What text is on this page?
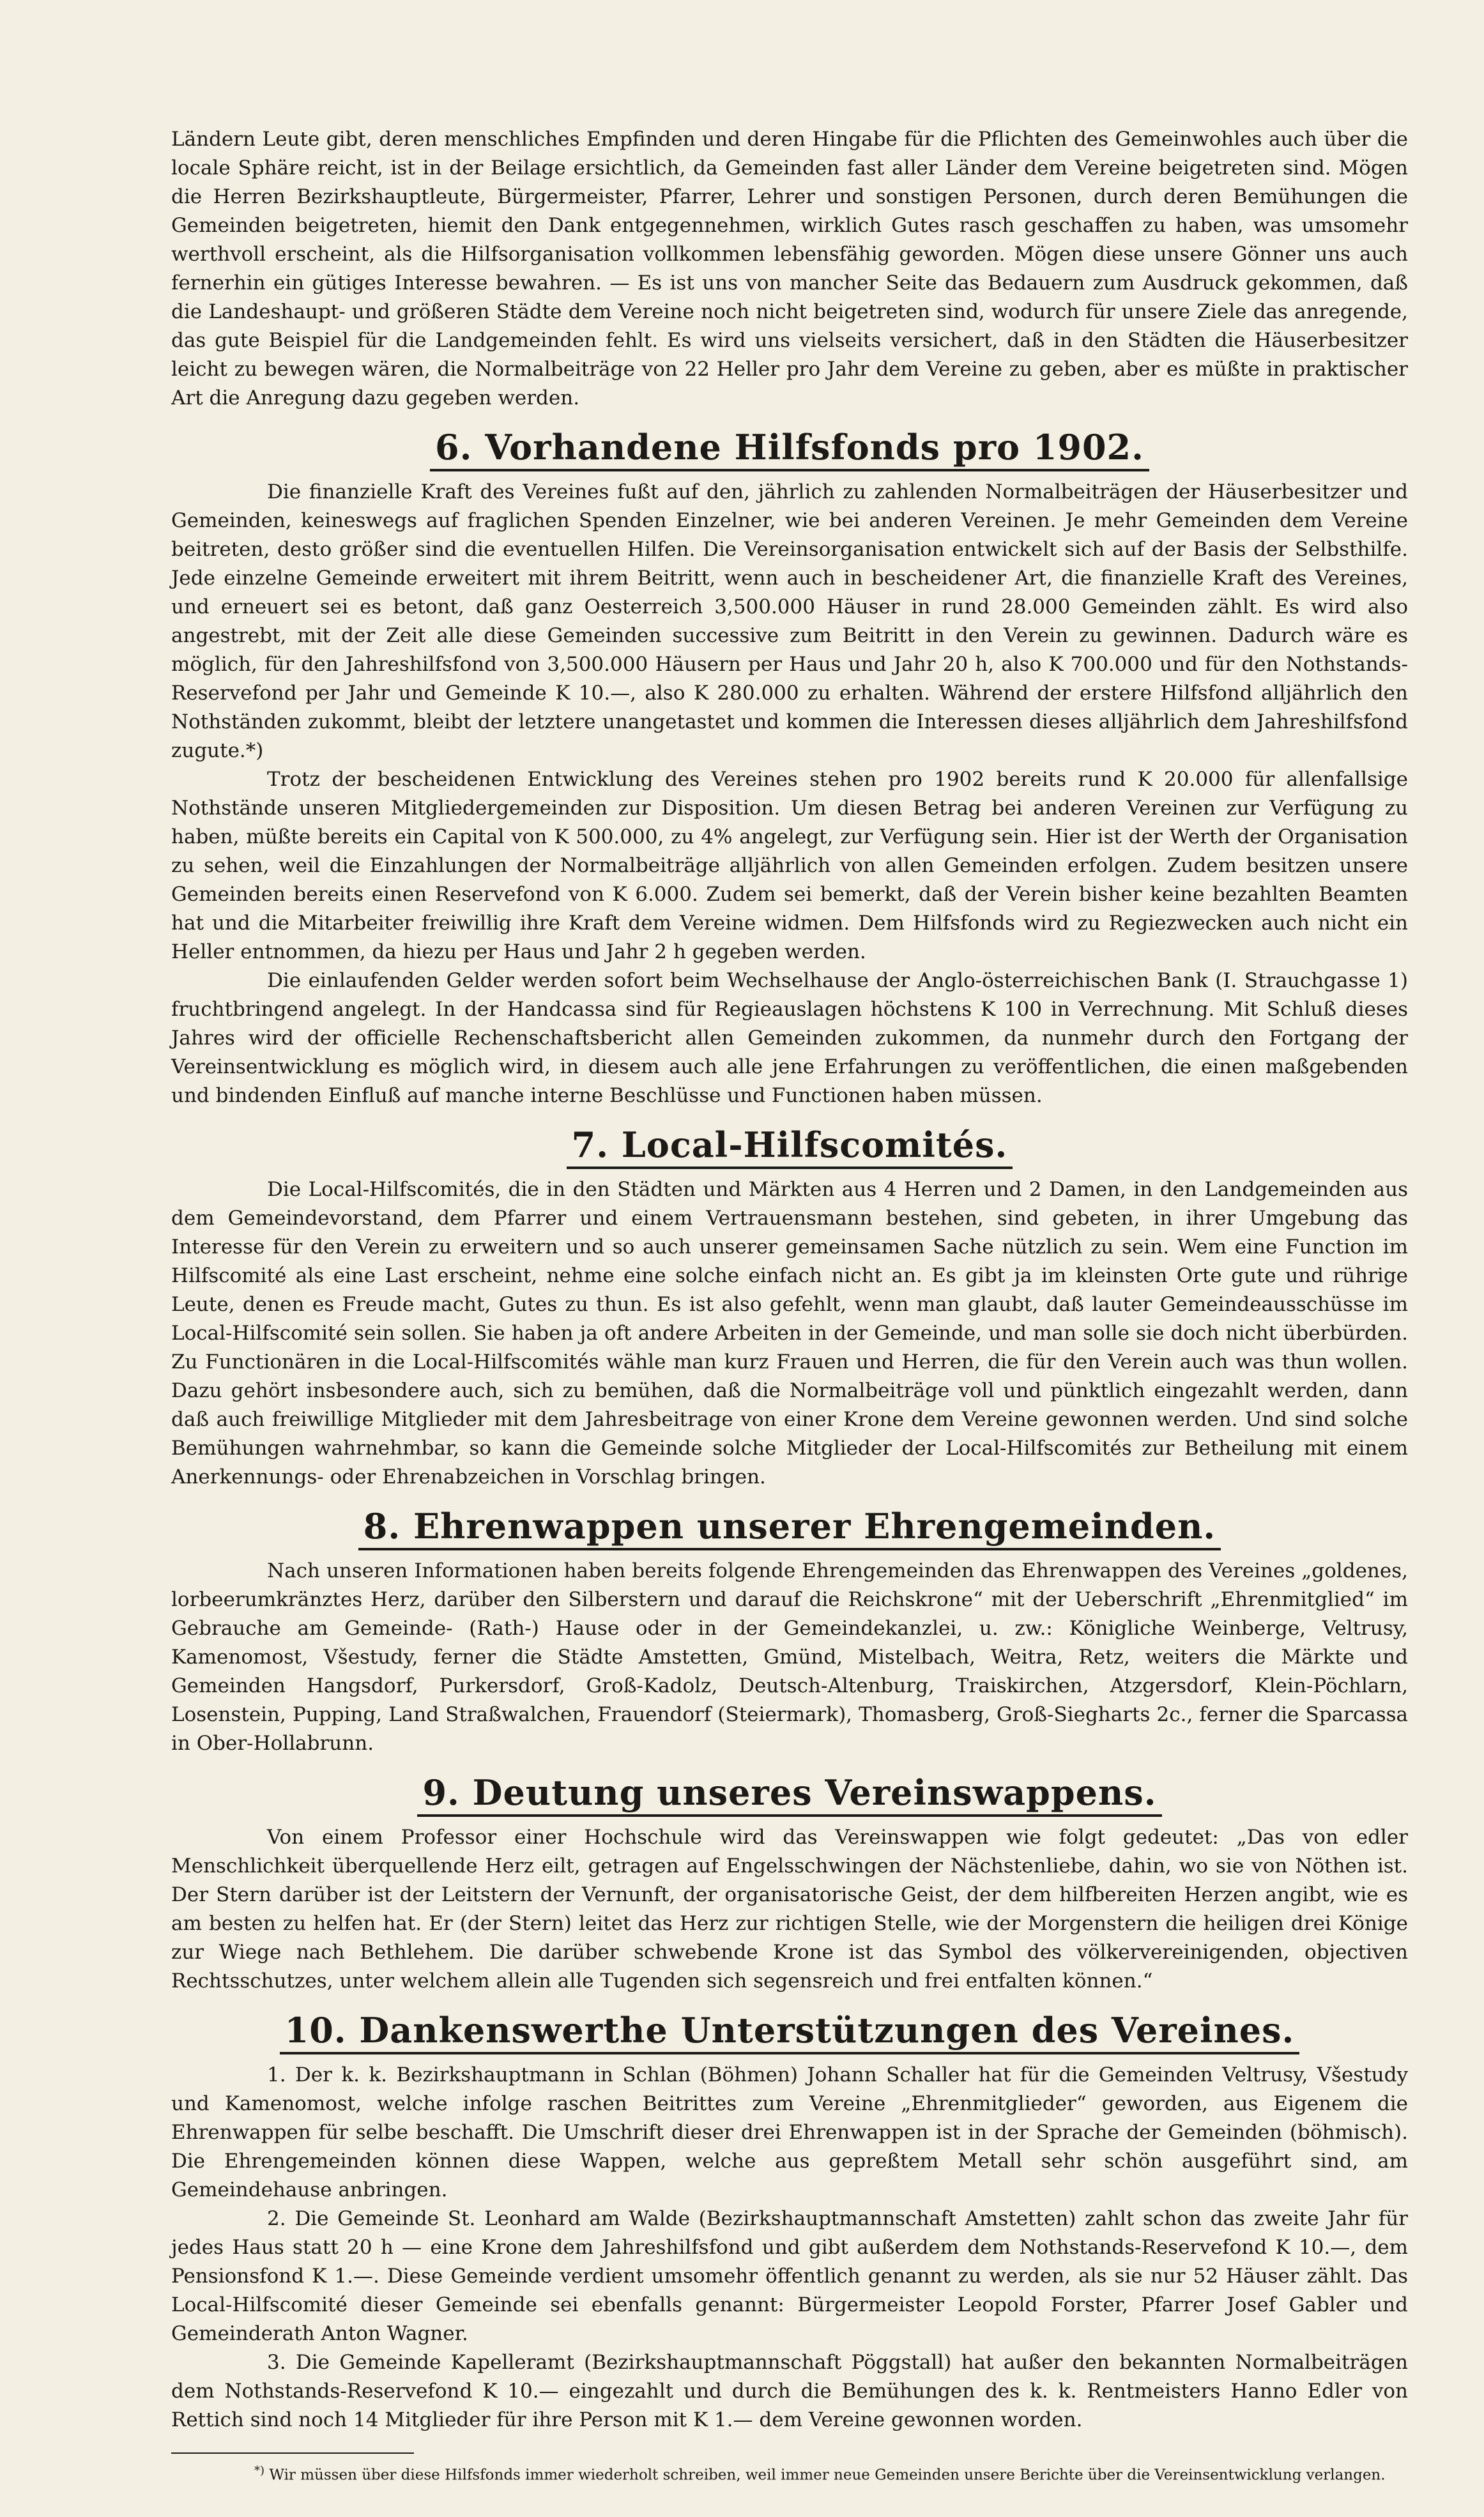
Ländern Leute gibt, deren menschliches Empfinden und deren Hingabe für die Pflichten des Gemeinwohles auch über die locale Sphäre reicht, ist in der Beilage ersichtlich, da Gemeinden fast aller Länder dem Vereine beigetreten sind. Mögen die Herren Bezirkshauptleute, Bürgermeister, Pfarrer, Lehrer und sonstigen Personen, durch deren Bemühungen die Gemeinden beigetreten, hiemit den Dank entgegennehmen, wirklich Gutes rasch geschaffen zu haben, was umsomehr werthvoll erscheint, als die Hilfsorganisation vollkommen lebensfähig geworden. Mögen diese unsere Gönner uns auch fernerhin ein gütiges Interesse bewahren. — Es ist uns von mancher Seite das Bedauern zum Ausdruck gekommen, daß die Landeshaupt- und größeren Städte dem Vereine noch nicht beigetreten sind, wodurch für unsere Ziele das anregende, das gute Beispiel für die Landgemeinden fehlt. Es wird uns vielseits versichert, daß in den Städten die Häuserbesitzer leicht zu bewegen wären, die Normalbeiträge von 22 Heller pro Jahr dem Vereine zu geben, aber es müßte in praktischer Art die Anregung dazu gegeben werden.

6. Vorhandene Hilfsfonds pro 1902.

Die finanzielle Kraft des Vereines fußt auf den, jährlich zu zahlenden Normalbeiträgen der Häuserbesitzer und Gemeinden, keineswegs auf fraglichen Spenden Einzelner, wie bei anderen Vereinen. Je mehr Gemeinden dem Vereine beitreten, desto größer sind die eventuellen Hilfen. Die Vereinsorganisation entwickelt sich auf der Basis der Selbsthilfe. Jede einzelne Gemeinde erweitert mit ihrem Beitritt, wenn auch in bescheidener Art, die finanzielle Kraft des Vereines, und erneuert sei es betont, daß ganz Oesterreich 3,500.000 Häuser in rund 28.000 Gemeinden zählt. Es wird also angestrebt, mit der Zeit alle diese Gemeinden successive zum Beitritt in den Verein zu gewinnen. Dadurch wäre es möglich, für den Jahreshilfsfond von 3,500.000 Häusern per Haus und Jahr 20 h, also K 700.000 und für den Nothstands-Reservefond per Jahr und Gemeinde K 10.—, also K 280.000 zu erhalten. Während der erstere Hilfsfond alljährlich den Nothständen zukommt, bleibt der letztere unangetastet und kommen die Interessen dieses alljährlich dem Jahreshilfsfond zugute.*)

Trotz der bescheidenen Entwicklung des Vereines stehen pro 1902 bereits rund K 20.000 für allenfallsige Nothstände unseren Mitgliedergemeinden zur Disposition. Um diesen Betrag bei anderen Vereinen zur Verfügung zu haben, müßte bereits ein Capital von K 500.000, zu 4% angelegt, zur Verfügung sein. Hier ist der Werth der Organisation zu sehen, weil die Einzahlungen der Normalbeiträge alljährlich von allen Gemeinden erfolgen. Zudem besitzen unsere Gemeinden bereits einen Reservefond von K 6.000. Zudem sei bemerkt, daß der Verein bisher keine bezahlten Beamten hat und die Mitarbeiter freiwillig ihre Kraft dem Vereine widmen. Dem Hilfsfonds wird zu Regiezwecken auch nicht ein Heller entnommen, da hiezu per Haus und Jahr 2 h gegeben werden.

Die einlaufenden Gelder werden sofort beim Wechselhause der Anglo-österreichischen Bank (I. Strauchgasse 1) fruchtbringend angelegt. In der Handcassa sind für Regieauslagen höchstens K 100 in Verrechnung. Mit Schluß dieses Jahres wird der officielle Rechenschaftsbericht allen Gemeinden zukommen, da nunmehr durch den Fortgang der Vereinsentwicklung es möglich wird, in diesem auch alle jene Erfahrungen zu veröffentlichen, die einen maßgebenden und bindenden Einfluß auf manche interne Beschlüsse und Functionen haben müssen.

7. Local-Hilfscomités.

Die Local-Hilfscomités, die in den Städten und Märkten aus 4 Herren und 2 Damen, in den Landgemeinden aus dem Gemeindevorstand, dem Pfarrer und einem Vertrauensmann bestehen, sind gebeten, in ihrer Umgebung das Interesse für den Verein zu erweitern und so auch unserer gemeinsamen Sache nützlich zu sein. Wem eine Function im Hilfscomité als eine Last erscheint, nehme eine solche einfach nicht an. Es gibt ja im kleinsten Orte gute und rührige Leute, denen es Freude macht, Gutes zu thun. Es ist also gefehlt, wenn man glaubt, daß lauter Gemeindeausschüsse im Local-Hilfscomité sein sollen. Sie haben ja oft andere Arbeiten in der Gemeinde, und man solle sie doch nicht überbürden. Zu Functionären in die Local-Hilfscomités wähle man kurz Frauen und Herren, die für den Verein auch was thun wollen. Dazu gehört insbesondere auch, sich zu bemühen, daß die Normalbeiträge voll und pünktlich eingezahlt werden, dann daß auch freiwillige Mitglieder mit dem Jahresbeitrage von einer Krone dem Vereine gewonnen werden. Und sind solche Bemühungen wahrnehmbar, so kann die Gemeinde solche Mitglieder der Local-Hilfscomités zur Betheilung mit einem Anerkennungs- oder Ehrenabzeichen in Vorschlag bringen.

8. Ehrenwappen unserer Ehrengemeinden.

Nach unseren Informationen haben bereits folgende Ehrengemeinden das Ehrenwappen des Vereines „goldenes, lorbeerumkränztes Herz, darüber den Silberstern und darauf die Reichskrone“ mit der Ueberschrift „Ehrenmitglied“ im Gebrauche am Gemeinde- (Rath-) Hause oder in der Gemeindekanzlei, u. zw.: Königliche Weinberge, Veltrusy, Kamenomost, Všestudy, ferner die Städte Amstetten, Gmünd, Mistelbach, Weitra, Retz, weiters die Märkte und Gemeinden Hangsdorf, Purkersdorf, Groß-Kadolz, Deutsch-Altenburg, Traiskirchen, Atzgersdorf, Klein-Pöchlarn, Losenstein, Pupping, Land Straßwalchen, Frauendorf (Steiermark), Thomasberg, Groß-Siegharts 2c., ferner die Sparcassa in Ober-Hollabrunn.

9. Deutung unseres Vereinswappens.

Von einem Professor einer Hochschule wird das Vereinswappen wie folgt gedeutet: „Das von edler Menschlichkeit überquellende Herz eilt, getragen auf Engelsschwingen der Nächstenliebe, dahin, wo sie von Nöthen ist. Der Stern darüber ist der Leitstern der Vernunft, der organisatorische Geist, der dem hilfbereiten Herzen angibt, wie es am besten zu helfen hat. Er (der Stern) leitet das Herz zur richtigen Stelle, wie der Morgenstern die heiligen drei Könige zur Wiege nach Bethlehem. Die darüber schwebende Krone ist das Symbol des völkervereinigenden, objectiven Rechtsschutzes, unter welchem allein alle Tugenden sich segensreich und frei entfalten können.“

10. Dankenswerthe Unterstützungen des Vereines.

1. Der k. k. Bezirkshauptmann in Schlan (Böhmen) Johann Schaller hat für die Gemeinden Veltrusy, Všestudy und Kamenomost, welche infolge raschen Beitrittes zum Vereine „Ehrenmitglieder“ geworden, aus Eigenem die Ehrenwappen für selbe beschafft. Die Umschrift dieser drei Ehrenwappen ist in der Sprache der Gemeinden (böhmisch). Die Ehrengemeinden können diese Wappen, welche aus gepreßtem Metall sehr schön ausgeführt sind, am Gemeindehause anbringen.

2. Die Gemeinde St. Leonhard am Walde (Bezirkshauptmannschaft Amstetten) zahlt schon das zweite Jahr für jedes Haus statt 20 h — eine Krone dem Jahreshilfsfond und gibt außerdem dem Nothstands-Reservefond K 10.—, dem Pensionsfond K 1.—. Diese Gemeinde verdient umsomehr öffentlich genannt zu werden, als sie nur 52 Häuser zählt. Das Local-Hilfscomité dieser Gemeinde sei ebenfalls genannt: Bürgermeister Leopold Forster, Pfarrer Josef Gabler und Gemeinderath Anton Wagner.

3. Die Gemeinde Kapelleramt (Bezirkshauptmannschaft Pöggstall) hat außer den bekannten Normalbeiträgen dem Nothstands-Reservefond K 10.— eingezahlt und durch die Bemühungen des k. k. Rentmeisters Hanno Edler von Rettich sind noch 14 Mitglieder für ihre Person mit K 1.— dem Vereine gewonnen worden.

*) Wir müssen über diese Hilfsfonds immer wiederholt schreiben, weil immer neue Gemeinden unsere Berichte über die Vereinsentwicklung verlangen.
